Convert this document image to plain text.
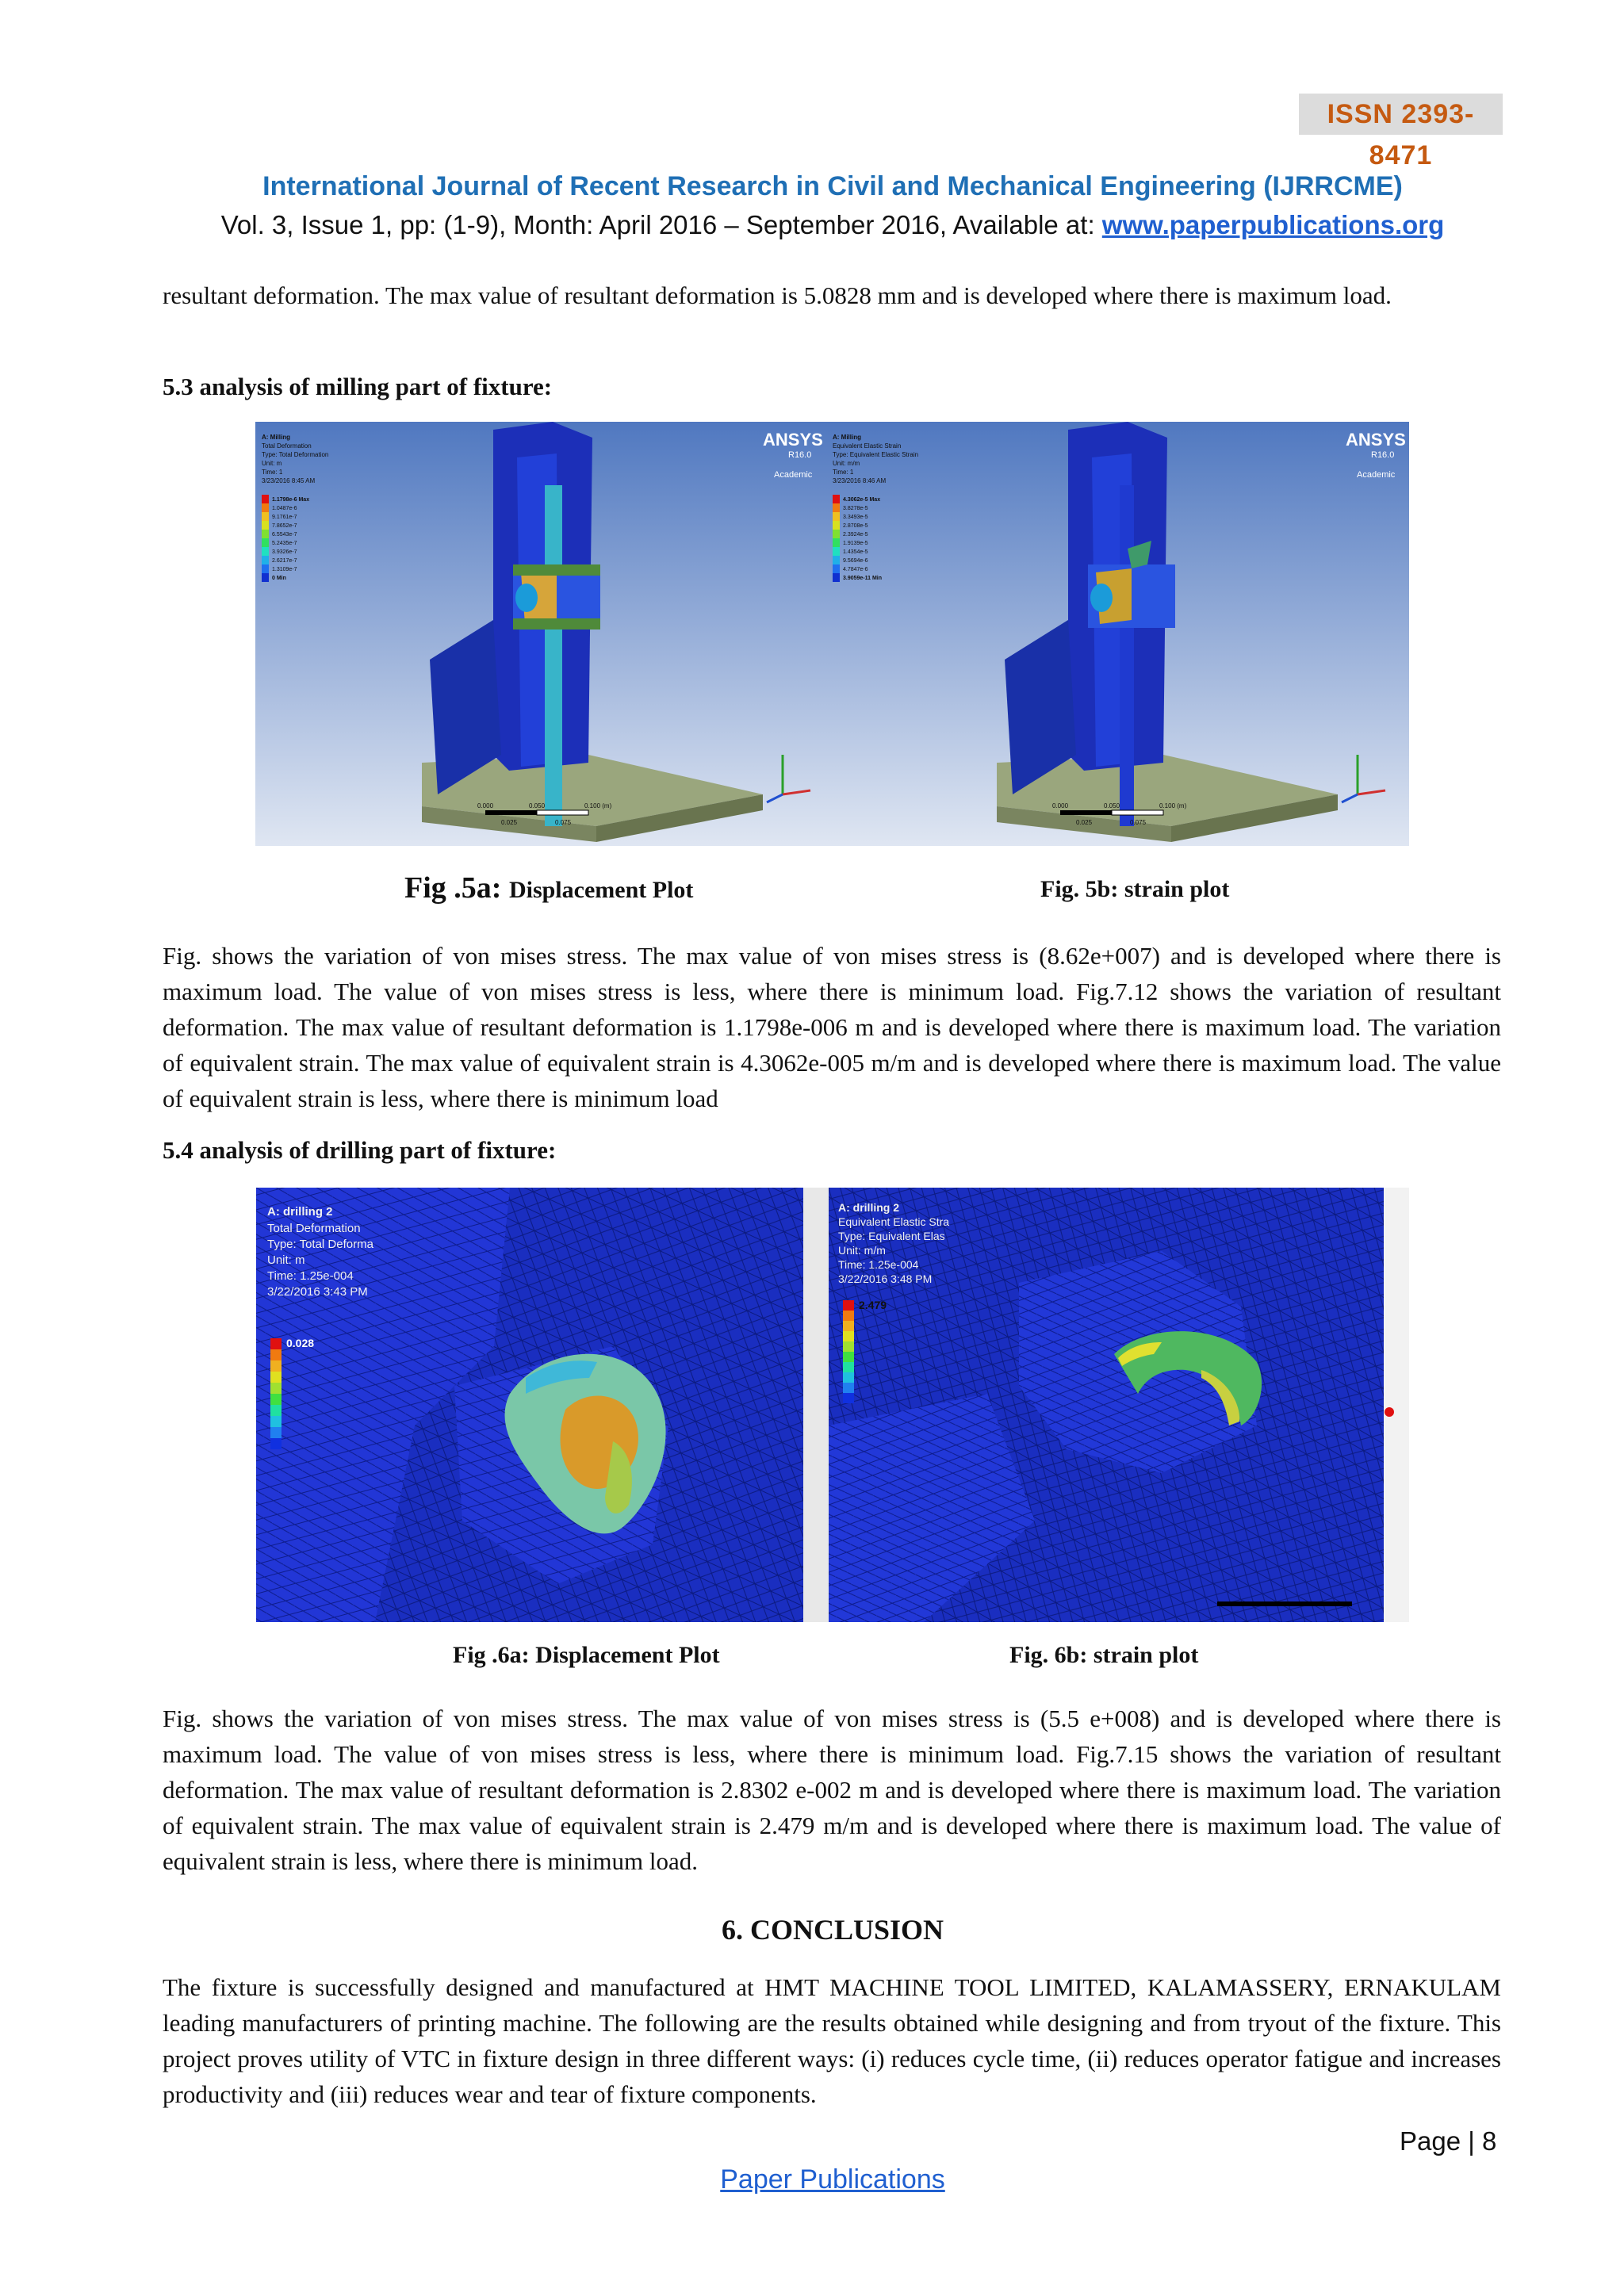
ISSN 2393-8471
International Journal of Recent Research in Civil and Mechanical Engineering (IJRRCME)
Vol. 3, Issue 1, pp: (1-9), Month: April 2016 – September 2016, Available at: www.paperpublications.org
resultant deformation. The max value of resultant deformation is 5.0828 mm and is developed where there is maximum load.
5.3 analysis of milling part of fixture:
A: Milling
Total Deformation
Type: Total Deformation
Unit: m
Time: 1
3/23/2016 8:45 AM
1.1798e-6 Max
1.0487e-6
9.1761e-7
7.8652e-7
6.5543e-7
5.2435e-7
3.9326e-7
2.6217e-7
1.3109e-7
0 Min
ANSYS
R16.0
Academic
0.000	0.050	0.100 (m)
0.025	0.075
A: Milling
Equivalent Elastic Strain
Type: Equivalent Elastic Strain
Unit: m/m
Time: 1
3/23/2016 8:46 AM
4.3062e-5 Max
3.8278e-5
3.3493e-5
2.8708e-5
2.3924e-5
1.9139e-5
1.4354e-5
9.5694e-6
4.7847e-6
3.9059e-11 Min
ANSYS
R16.0
Academic
0.000	0.050	0.100 (m)
0.025	0.075
Fig .5a: Displacement Plot	Fig. 5b: strain plot
Fig. shows the variation of von mises stress. The max value of von mises stress is (8.62e+007) and is developed where there is maximum load. The value of von mises stress is less, where there is minimum load. Fig.7.12 shows the variation of resultant deformation. The max value of resultant deformation is 1.1798e-006 m and is developed where there is maximum load. The variation of equivalent strain. The max value of equivalent strain is 4.3062e-005 m/m and is developed where there is maximum load. The value of equivalent strain is less, where there is minimum load
5.4 analysis of drilling part of fixture:
A: drilling 2
Total Deformation
Type: Total Deforma
Unit: m
Time: 1.25e-004
3/22/2016 3:43 PM
0.028
A: drilling 2
Equivalent Elastic Stra
Type: Equivalent Elas
Unit: m/m
Time: 1.25e-004
3/22/2016 3:48 PM
2.479
Fig .6a: Displacement Plot	Fig. 6b: strain plot
Fig. shows the variation of von mises stress. The max value of von mises stress is (5.5 e+008) and is developed where there is maximum load. The value of von mises stress is less, where there is minimum load. Fig.7.15 shows the variation of resultant deformation. The max value of resultant deformation is 2.8302 e-002 m and is developed where there is maximum load. The variation of equivalent strain. The max value of equivalent strain is 2.479 m/m and is developed where there is maximum load. The value of equivalent strain is less, where there is minimum load.
6. CONCLUSION
The fixture is successfully designed and manufactured at HMT MACHINE TOOL LIMITED, KALAMASSERY, ERNAKULAM leading manufacturers of printing machine. The following are the results obtained while designing and from tryout of the fixture. This project proves utility of VTC in fixture design in three different ways: (i) reduces cycle time, (ii) reduces operator fatigue and increases productivity and (iii) reduces wear and tear of fixture components.
Page | 8
Paper Publications
